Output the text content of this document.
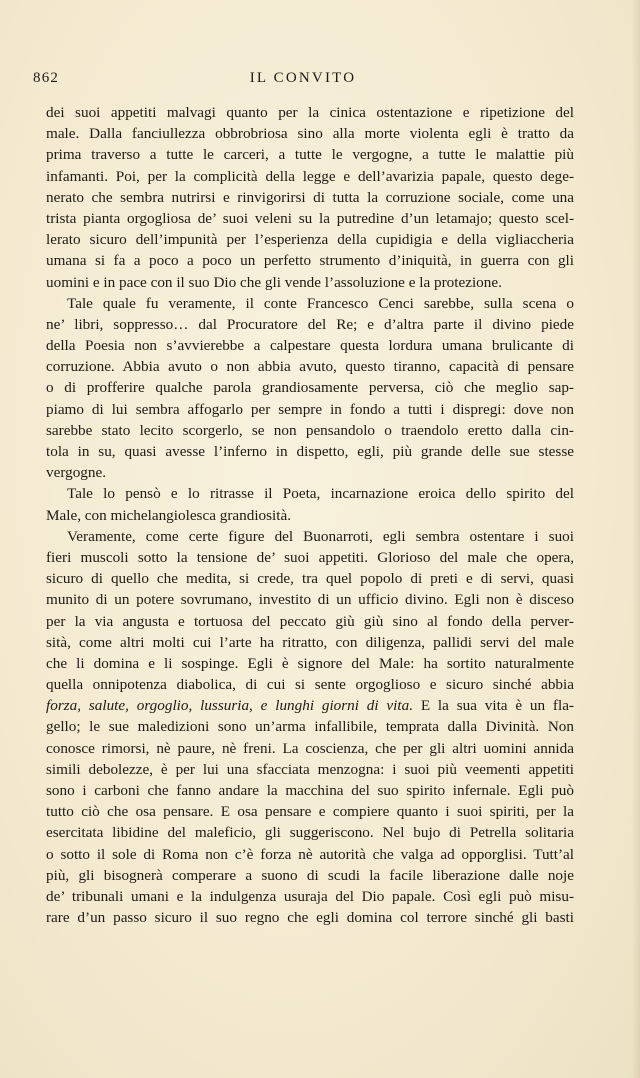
862	IL CONVITO
dei suoi appetiti malvagi quanto per la cinica ostentazione e ripetizione del
male. Dalla fanciullezza obbrobriosa sino alla morte violenta egli è tratto da
prima traverso a tutte le carceri, a tutte le vergogne, a tutte le malattie più
infamanti. Poi, per la complicità della legge e dell’avarizia papale, questo dege-
nerato che sembra nutrirsi e rinvigorirsi di tutta la corruzione sociale, come una
trista pianta orgogliosa de’ suoi veleni su la putredine d’un letamajo; questo scel-
lerato sicuro dell’impunità per l’esperienza della cupidigia e della vigliaccheria
umana si fa a poco a poco un perfetto strumento d’iniquità, in guerra con gli
uomini e in pace con il suo Dio che gli vende l’assoluzione e la protezione.
Tale quale fu veramente, il conte Francesco Cenci sarebbe, sulla scena o
ne’ libri, soppresso… dal Procuratore del Re; e d’altra parte il divino piede
della Poesia non s’avvierebbe a calpestare questa lordura umana brulicante di
corruzione. Abbia avuto o non abbia avuto, questo tiranno, capacità di pensare
o di profferire qualche parola grandiosamente perversa, ciò che meglio sap-
piamo di lui sembra affogarlo per sempre in fondo a tutti i dispregi: dove non
sarebbe stato lecito scorgerlo, se non pensandolo o traendolo eretto dalla cin-
tola in su, quasi avesse l’inferno in dispetto, egli, più grande delle sue stesse
vergogne.
Tale lo pensò e lo ritrasse il Poeta, incarnazione eroica dello spirito del
Male, con michelangiolesca grandiosità.
Veramente, come certe figure del Buonarroti, egli sembra ostentare i suoi
fieri muscoli sotto la tensione de’ suoi appetiti. Glorioso del male che opera,
sicuro di quello che medita, si crede, tra quel popolo di preti e di servi, quasi
munito di un potere sovrumano, investito di un ufficio divino. Egli non è disceso
per la via angusta e tortuosa del peccato giù giù sino al fondo della perver-
sità, come altri molti cui l’arte ha ritratto, con diligenza, pallidi servi del male
che li domina e li sospinge. Egli è signore del Male: ha sortito naturalmente
quella onnipotenza diabolica, di cui si sente orgoglioso e sicuro sinché abbia
forza, salute, orgoglio, lussuria, e lunghi giorni di vita. E la sua vita è un fla-
gello; le sue maledizioni sono un’arma infallibile, temprata dalla Divinità. Non
conosce rimorsi, nè paure, nè freni. La coscienza, che per gli altri uomini annida
simili debolezze, è per lui una sfacciata menzogna: i suoi più veementi appetiti
sono i carboni che fanno andare la macchina del suo spirito infernale. Egli può
tutto ciò che osa pensare. E osa pensare e compiere quanto i suoi spiriti, per la
esercitata libidine del maleficio, gli suggeriscono. Nel bujo di Petrella solitaria
o sotto il sole di Roma non c’è forza nè autorità che valga ad opporglisi. Tutt’al
più, gli bisognerà comperare a suono di scudi la facile liberazione dalle noje
de’ tribunali umani e la indulgenza usuraja del Dio papale. Così egli può misu-
rare d’un passo sicuro il suo regno che egli domina col terrore sinché gli basti
